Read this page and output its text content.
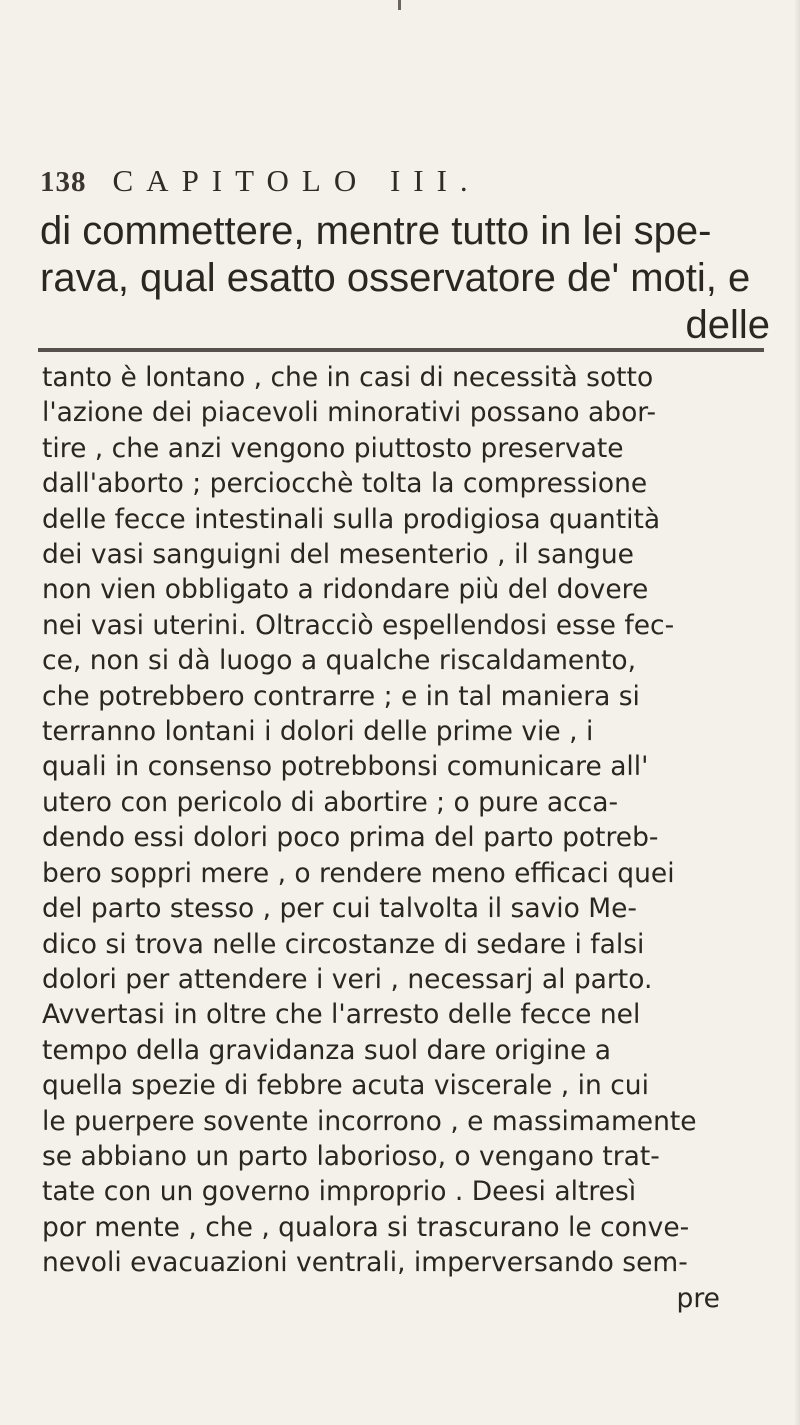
138 CAPITOLO III.
di commettere, mentre tutto in lei spe-
rava, qual esatto osservatore de' moti, e
delle
tanto è lontano , che in casi di necessità sotto
l'azione dei piacevoli minorativi possano abor-
tire , che anzi vengono piuttosto preservate
dall'aborto ; perciocchè tolta la compressione
delle fecce intestinali sulla prodigiosa quantità
dei vasi sanguigni del mesenterio , il sangue
non vien obbligato a ridondare più del dovere
nei vasi uterini. Oltracciò espellendosi esse fec-
ce, non si dà luogo a qualche riscaldamento,
che potrebbero contrarre ; e in tal maniera si
terranno lontani i dolori delle prime vie , i
quali in consenso potrebbonsi comunicare all'
utero con pericolo di abortire ; o pure acca-
dendo essi dolori poco prima del parto potreb-
bero soppri mere , o rendere meno efficaci quei
del parto stesso , per cui talvolta il savio Me-
dico si trova nelle circostanze di sedare i falsi
dolori per attendere i veri , necessarj al parto.
Avvertasi in oltre che l'arresto delle fecce nel
tempo della gravidanza suol dare origine a
quella spezie di febbre acuta viscerale , in cui
le puerpere sovente incorrono , e massimamente
se abbiano un parto laborioso, o vengano trat-
tate con un governo improprio . Deesi altresì
por mente , che , qualora si trascurano le conve-
nevoli evacuazioni ventrali, imperversando sem-
pre
